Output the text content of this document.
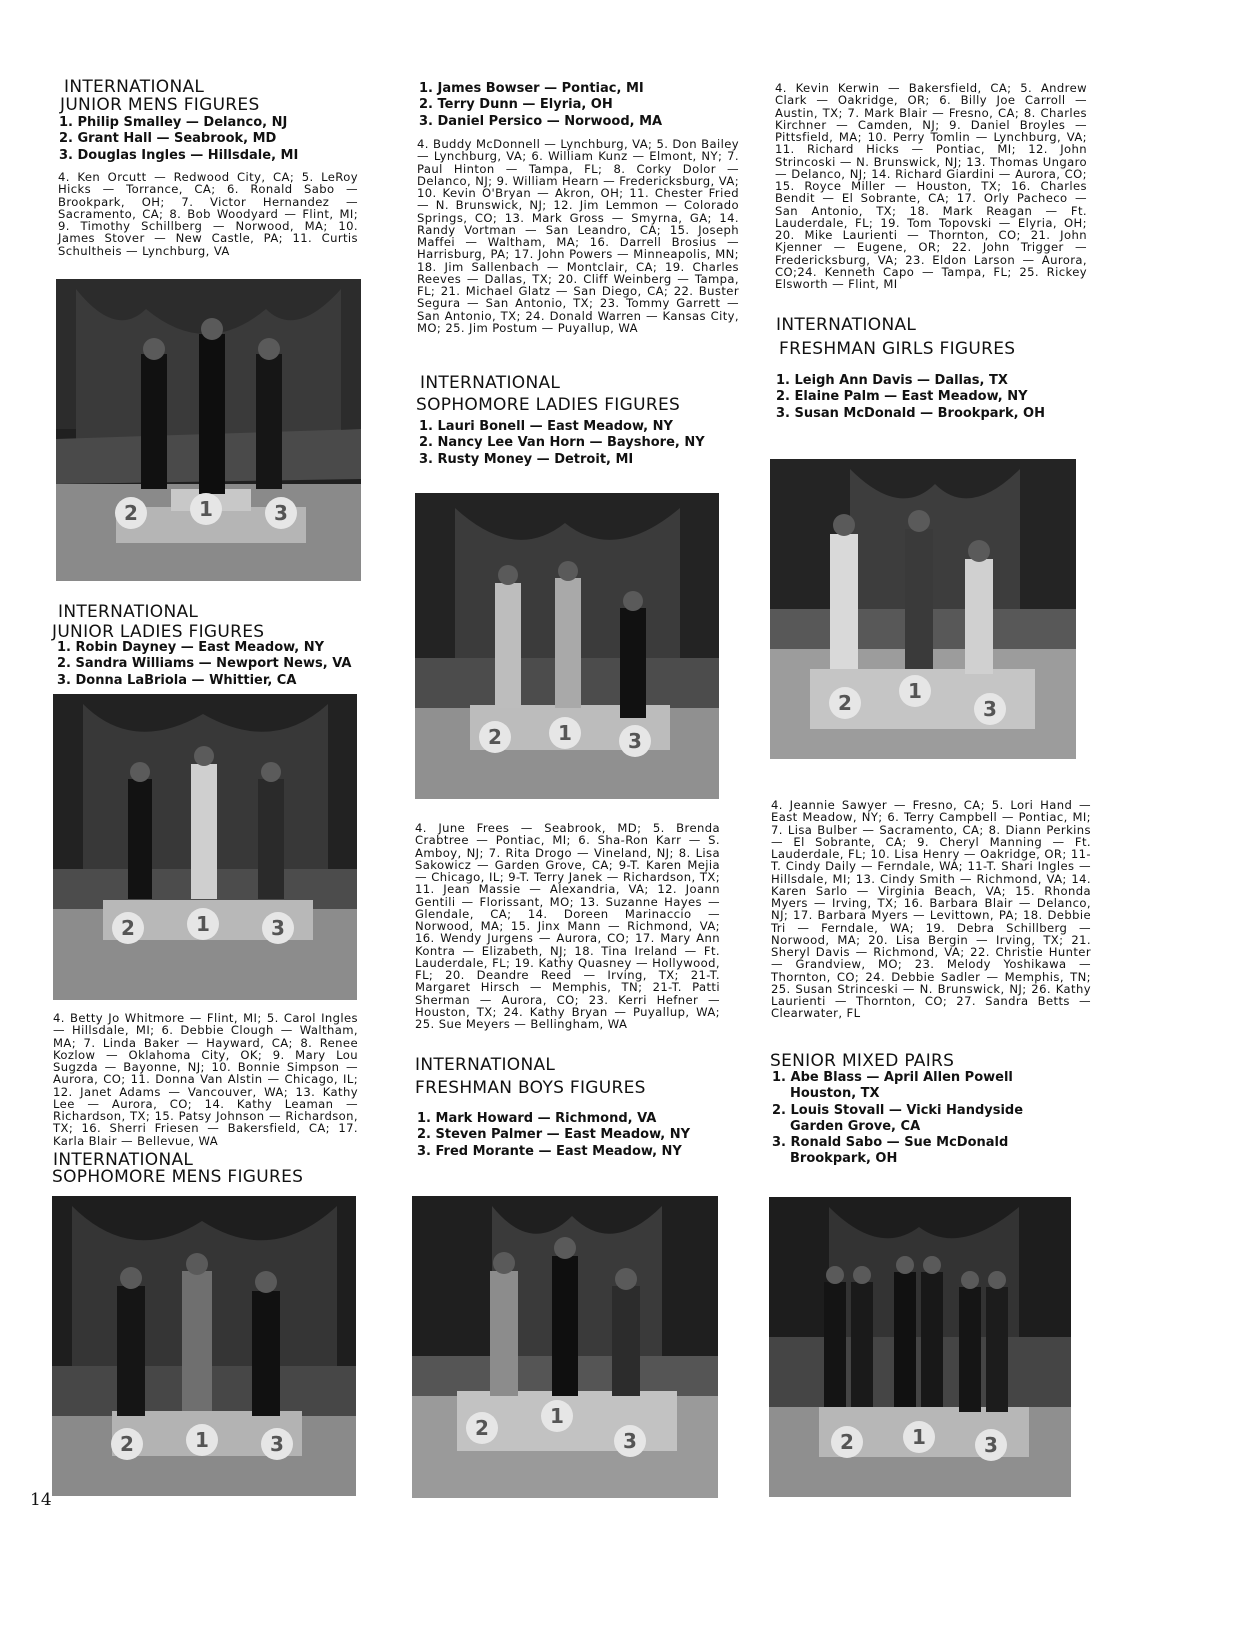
INTERNATIONAL
JUNIOR MENS FIGURES
1. Philip Smalley — Delanco, NJ
2. Grant Hall — Seabrook, MD
3. Douglas Ingles — Hillsdale, MI
4. Ken Orcutt — Redwood City, CA; 5. LeRoy Hicks — Torrance, CA; 6. Ronald Sabo — Brookpark, OH; 7. Victor Hernandez — Sacramento, CA; 8. Bob Woodyard — Flint, MI; 9. Timothy Schillberg — Norwood, MA; 10. James Stover — New Castle, PA; 11. Curtis Schultheis — Lynchburg, VA
2	1	3
INTERNATIONAL
JUNIOR LADIES FIGURES
1. Robin Dayney — East Meadow, NY
2. Sandra Williams — Newport News, VA
3. Donna LaBriola — Whittier, CA
2	1	3
4. Betty Jo Whitmore — Flint, MI; 5. Carol Ingles — Hillsdale, MI; 6. Debbie Clough — Waltham, MA; 7. Linda Baker — Hayward, CA; 8. Renee Kozlow — Oklahoma City, OK; 9. Mary Lou Sugzda — Bayonne, NJ; 10. Bonnie Simpson — Aurora, CO; 11. Donna Van Alstin — Chicago, IL; 12. Janet Adams — Vancouver, WA; 13. Kathy Lee — Aurora, CO; 14. Kathy Leaman — Richardson, TX; 15. Patsy Johnson — Richardson, TX; 16. Sherri Friesen — Bakersfield, CA; 17. Karla Blair — Bellevue, WA
INTERNATIONAL
SOPHOMORE MENS FIGURES
2	1	3
14
1. James Bowser — Pontiac, MI
2. Terry Dunn — Elyria, OH
3. Daniel Persico — Norwood, MA
4. Buddy McDonnell — Lynchburg, VA; 5. Don Bailey — Lynchburg, VA; 6. William Kunz — Elmont, NY; 7. Paul Hinton — Tampa, FL; 8. Corky Dolor — Delanco, NJ; 9. William Hearn — Fredericksburg, VA; 10. Kevin O'Bryan — Akron, OH; 11. Chester Fried — N. Brunswick, NJ; 12. Jim Lemmon — Colorado Springs, CO; 13. Mark Gross — Smyrna, GA; 14. Randy Vortman — San Leandro, CA; 15. Joseph Maffei — Waltham, MA; 16. Darrell Brosius — Harrisburg, PA; 17. John Powers — Minneapolis, MN; 18. Jim Sallenbach — Montclair, CA; 19. Charles Reeves — Dallas, TX; 20. Cliff Weinberg — Tampa, FL; 21. Michael Glatz — San Diego, CA; 22. Buster Segura — San Antonio, TX; 23. Tommy Garrett — San Antonio, TX; 24. Donald Warren — Kansas City, MO; 25. Jim Postum — Puyallup, WA
INTERNATIONAL
SOPHOMORE LADIES FIGURES
1. Lauri Bonell — East Meadow, NY
2. Nancy Lee Van Horn — Bayshore, NY
3. Rusty Money — Detroit, MI
2	1	3
4. June Frees — Seabrook, MD; 5. Brenda Crabtree — Pontiac, MI; 6. Sha-Ron Karr — S. Amboy, NJ; 7. Rita Drogo — Vineland, NJ; 8. Lisa Sakowicz — Garden Grove, CA; 9-T. Karen Mejia — Chicago, IL; 9-T. Terry Janek — Richardson, TX; 11. Jean Massie — Alexandria, VA; 12. Joann Gentili — Florissant, MO; 13. Suzanne Hayes — Glendale, CA; 14. Doreen Marinaccio — Norwood, MA; 15. Jinx Mann — Richmond, VA; 16. Wendy Jurgens — Aurora, CO; 17. Mary Ann Kontra — Elizabeth, NJ; 18. Tina Ireland — Ft. Lauderdale, FL; 19. Kathy Quasney — Hollywood, FL; 20. Deandre Reed — Irving, TX; 21-T. Margaret Hirsch — Memphis, TN; 21-T. Patti Sherman — Aurora, CO; 23. Kerri Hefner — Houston, TX; 24. Kathy Bryan — Puyallup, WA; 25. Sue Meyers — Bellingham, WA
INTERNATIONAL
FRESHMAN BOYS FIGURES
1. Mark Howard — Richmond, VA
2. Steven Palmer — East Meadow, NY
3. Fred Morante — East Meadow, NY
2	1
3
4. Kevin Kerwin — Bakersfield, CA; 5. Andrew Clark — Oakridge, OR; 6. Billy Joe Carroll — Austin, TX; 7. Mark Blair — Fresno, CA; 8. Charles Kirchner — Camden, NJ; 9. Daniel Broyles — Pittsfield, MA; 10. Perry Tomlin — Lynchburg, VA; 11. Richard Hicks — Pontiac, MI; 12. John Strincoski — N. Brunswick, NJ; 13. Thomas Ungaro — Delanco, NJ; 14. Richard Giardini — Aurora, CO; 15. Royce Miller — Houston, TX; 16. Charles Bendit — El Sobrante, CA; 17. Orly Pacheco — San Antonio, TX; 18. Mark Reagan — Ft. Lauderdale, FL; 19. Tom Topovski — Elyria, OH; 20. Mike Laurienti — Thornton, CO; 21. John Kjenner — Eugene, OR; 22. John Trigger — Fredericksburg, VA; 23. Eldon Larson — Aurora, CO;24. Kenneth Capo — Tampa, FL; 25. Rickey Elsworth — Flint, MI
INTERNATIONAL
FRESHMAN GIRLS FIGURES
1. Leigh Ann Davis — Dallas, TX
2. Elaine Palm — East Meadow, NY
3. Susan McDonald — Brookpark, OH
2	1
3
4. Jeannie Sawyer — Fresno, CA; 5. Lori Hand — East Meadow, NY; 6. Terry Campbell — Pontiac, MI; 7. Lisa Bulber — Sacramento, CA; 8. Diann Perkins — El Sobrante, CA; 9. Cheryl Manning — Ft. Lauderdale, FL; 10. Lisa Henry — Oakridge, OR; 11-T. Cindy Daily — Ferndale, WA; 11-T. Shari Ingles — Hillsdale, MI; 13. Cindy Smith — Richmond, VA; 14. Karen Sarlo — Virginia Beach, VA; 15. Rhonda Myers — Irving, TX; 16. Barbara Blair — Delanco, NJ; 17. Barbara Myers — Levittown, PA; 18. Debbie Tri — Ferndale, WA; 19. Debra Schillberg — Norwood, MA; 20. Lisa Bergin — Irving, TX; 21. Sheryl Davis — Richmond, VA; 22. Christie Hunter — Grandview, MO; 23. Melody Yoshikawa — Thornton, CO; 24. Debbie Sadler — Memphis, TN; 25. Susan Strinceski — N. Brunswick, NJ; 26. Kathy Laurienti — Thornton, CO; 27. Sandra Betts — Clearwater, FL
SENIOR MIXED PAIRS
1. Abe Blass — April Allen Powell
Houston, TX
2. Louis Stovall — Vicki Handyside
Garden Grove, CA
3. Ronald Sabo — Sue McDonald
Brookpark, OH
2	1	3
